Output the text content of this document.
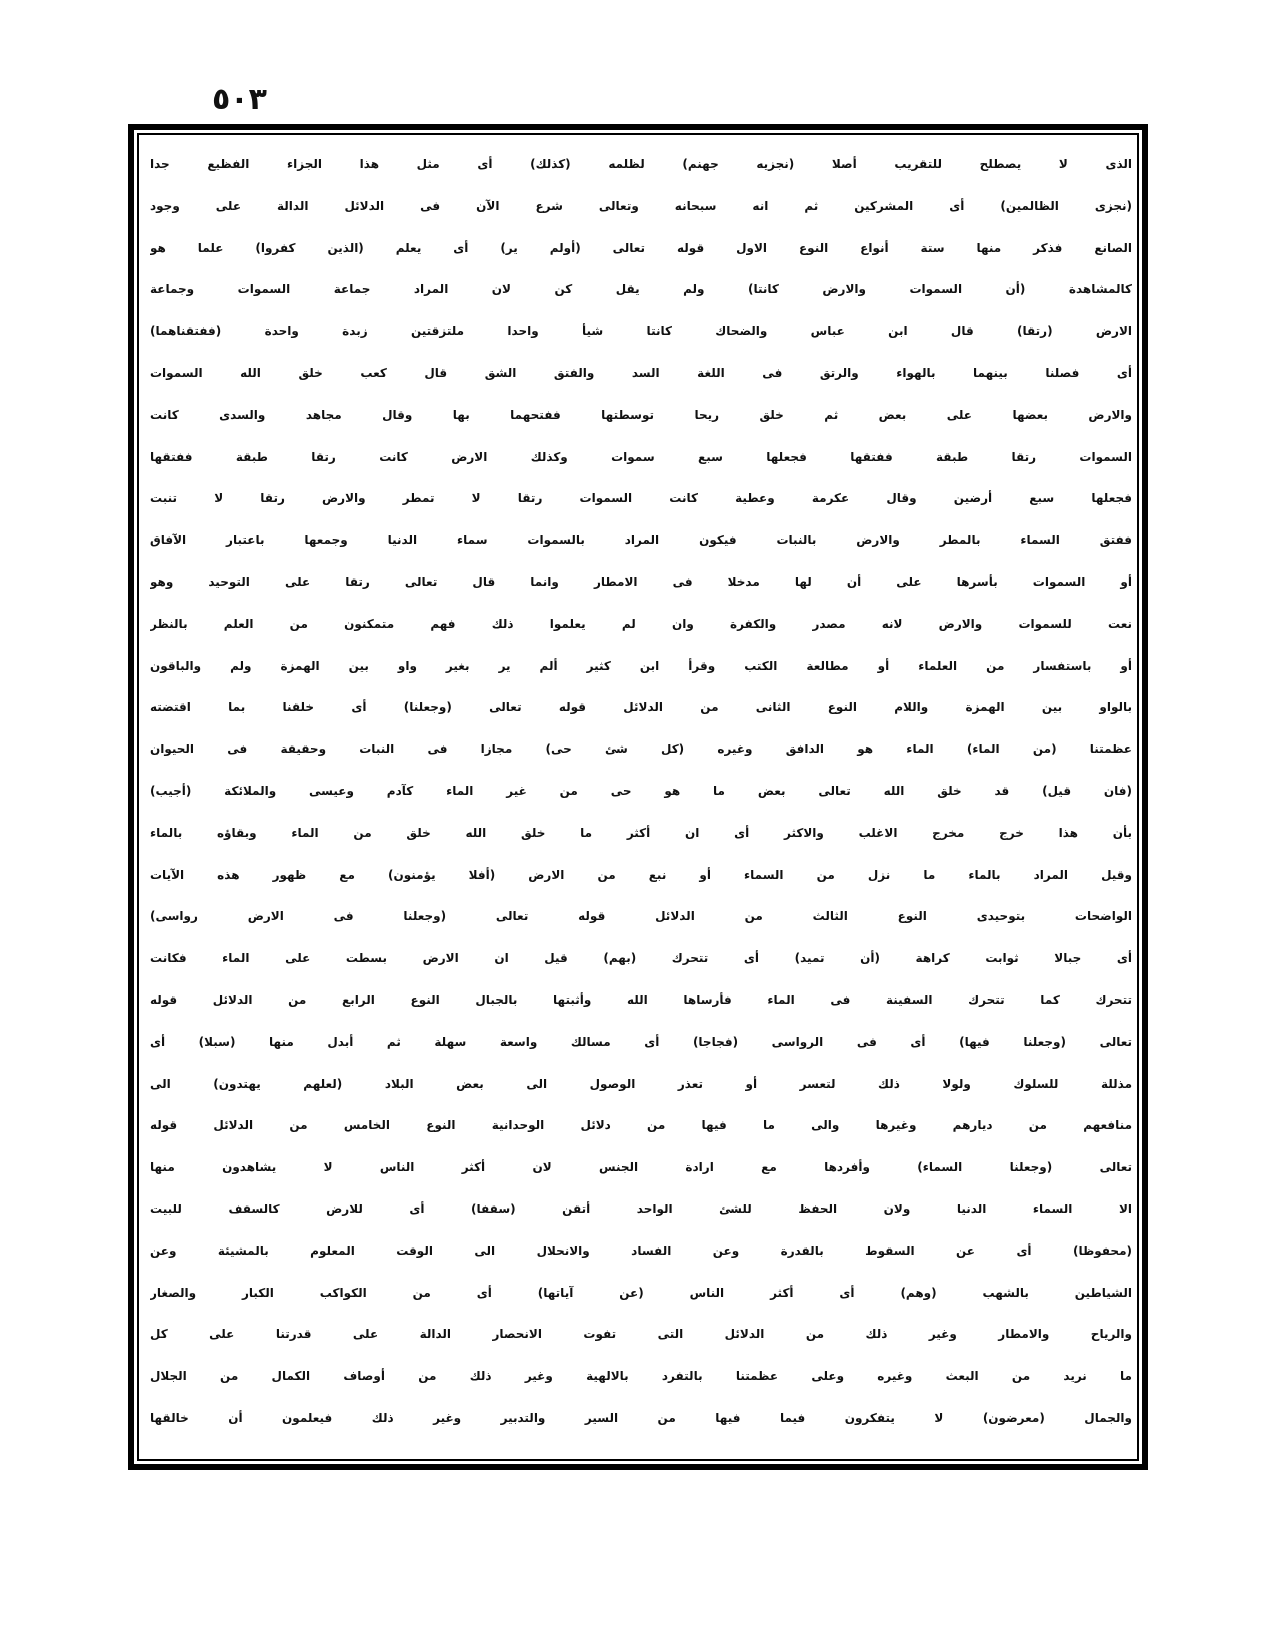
٥٠٣
الذى لا يصطلح للتقريب أصلا (نجزيه جهنم) لظلمه (كذلك) أى مثل هذا الجزاء الفظيع جدا
(نجزى الظالمين) أى المشركين ثم انه سبحانه وتعالى شرع الآن فى الدلائل الدالة على وجود
الصانع فذكر منها ستة أنواع النوع الاول قوله تعالى (أولم ير) أى يعلم (الذين كفروا) علما هو
كالمشاهدة (أن السموات والارض كانتا) ولم يقل كن لان المراد جماعة السموات وجماعة
الارض (رتقا) قال ابن عباس والضحاك كانتا شيأ واحدا ملتزقتين زبدة واحدة (ففتقناهما)
أى فصلنا بينهما بالهواء والرتق فى اللغة السد والفتق الشق قال كعب خلق الله السموات
والارض بعضها على بعض ثم خلق ريحا توسطتها ففتحهما بها وقال مجاهد والسدى كانت
السموات رتقا طبقة ففتقها فجعلها سبع سموات وكذلك الارض كانت رتقا طبقة ففتقها
فجعلها سبع أرضين وقال عكرمة وعطية كانت السموات رتقا لا تمطر والارض رتقا لا تنبت
ففتق السماء بالمطر والارض بالنبات فيكون المراد بالسموات سماء الدنيا وجمعها باعتبار الآفاق
أو السموات بأسرها على أن لها مدخلا فى الامطار وانما قال تعالى رتقا على التوحيد وهو
نعت للسموات والارض لانه مصدر والكفرة وان لم يعلموا ذلك فهم متمكنون من العلم بالنظر
أو باستفسار من العلماء أو مطالعة الكتب وقرأ ابن كثير ألم ير بغير واو بين الهمزة ولم والباقون
بالواو بين الهمزة واللام النوع الثانى من الدلائل قوله تعالى (وجعلنا) أى خلقنا بما اقتضته
عظمتنا (من الماء) الماء هو الدافق وغيره (كل شئ حى) مجازا فى النبات وحقيقة فى الحيوان
(فان قيل) قد خلق الله تعالى بعض ما هو حى من غير الماء كآدم وعيسى والملائكة (أجيب)
بأن هذا خرج مخرج الاغلب والاكثر أى ان أكثر ما خلق الله خلق من الماء وبقاؤه بالماء
وقيل المراد بالماء ما نزل من السماء أو نبع من الارض (أفلا يؤمنون) مع ظهور هذه الآيات
الواضحات بتوحيدى النوع الثالث من الدلائل قوله تعالى (وجعلنا فى الارض رواسى)
أى جبالا ثوابت كراهة (أن تميد) أى تتحرك (بهم) قيل ان الارض بسطت على الماء فكانت
تتحرك كما تتحرك السفينة فى الماء فأرساها الله وأثبتها بالجبال النوع الرابع من الدلائل قوله
تعالى (وجعلنا فيها) أى فى الرواسى (فجاجا) أى مسالك واسعة سهلة ثم أبدل منها (سبلا) أى
مذللة للسلوك ولولا ذلك لتعسر أو تعذر الوصول الى بعض البلاد (لعلهم يهتدون) الى
منافعهم من ديارهم وغيرها والى ما فيها من دلائل الوحدانية النوع الخامس من الدلائل قوله
تعالى (وجعلنا السماء) وأفردها مع ارادة الجنس لان أكثر الناس لا يشاهدون منها
الا السماء الدنيا ولان الحفظ للشئ الواحد أتقن (سقفا) أى للارض كالسقف للبيت
(محفوظا) أى عن السقوط بالقدرة وعن الفساد والانحلال الى الوقت المعلوم بالمشيئة وعن
الشياطين بالشهب (وهم) أى أكثر الناس (عن آياتها) أى من الكواكب الكبار والصغار
والرياح والامطار وغير ذلك من الدلائل التى تفوت الانحصار الدالة على قدرتنا على كل
ما نريد من البعث وغيره وعلى عظمتنا بالتفرد بالالهية وغير ذلك من أوصاف الكمال من الجلال
والجمال (معرضون) لا يتفكرون فيما فيها من السير والتدبير وغير ذلك فيعلمون أن خالقها
